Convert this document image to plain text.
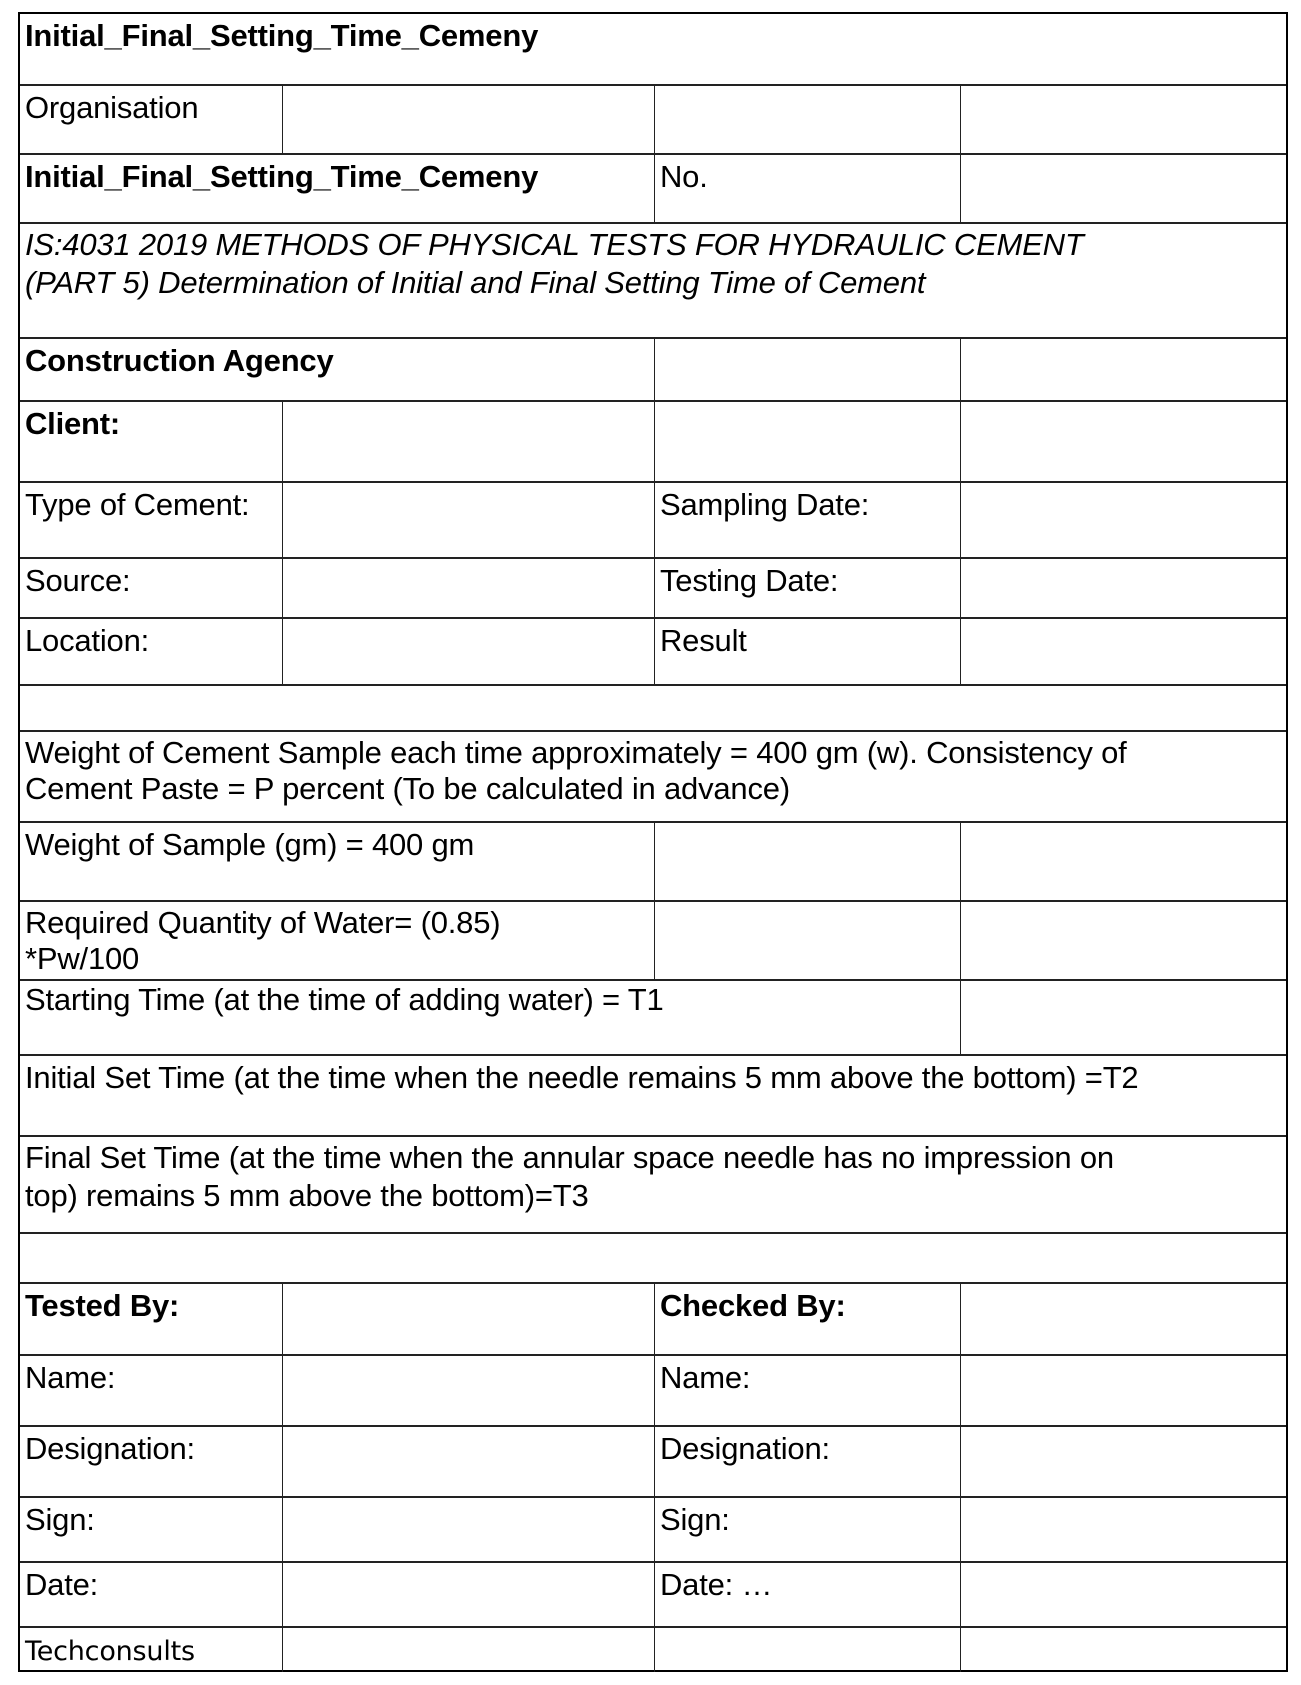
Initial_Final_Setting_Time_Cemeny
Organisation
Initial_Final_Setting_Time_Cemeny	No.
IS:4031 2019 METHODS OF PHYSICAL TESTS FOR HYDRAULIC CEMENT
(PART 5) Determination of Initial and Final Setting Time of Cement
Construction Agency
Client:
Type of Cement:	Sampling Date:
Source:	Testing Date:
Location:	Result
Weight of Cement Sample each time approximately = 400 gm (w). Consistency of
Cement Paste = P percent (To be calculated in advance)
Weight of Sample (gm) = 400 gm
Required Quantity of Water= (0.85)
*Pw/100
Starting Time (at the time of adding water) = T1
Initial Set Time (at the time when the needle remains 5 mm above the bottom) =T2
Final Set Time (at the time when the annular space needle has no impression on
top) remains 5 mm above the bottom)=T3
Tested By:	Checked By:
Name:	Name:
Designation:	Designation:
Sign:	Sign:
Date:	Date: …
Techconsults
